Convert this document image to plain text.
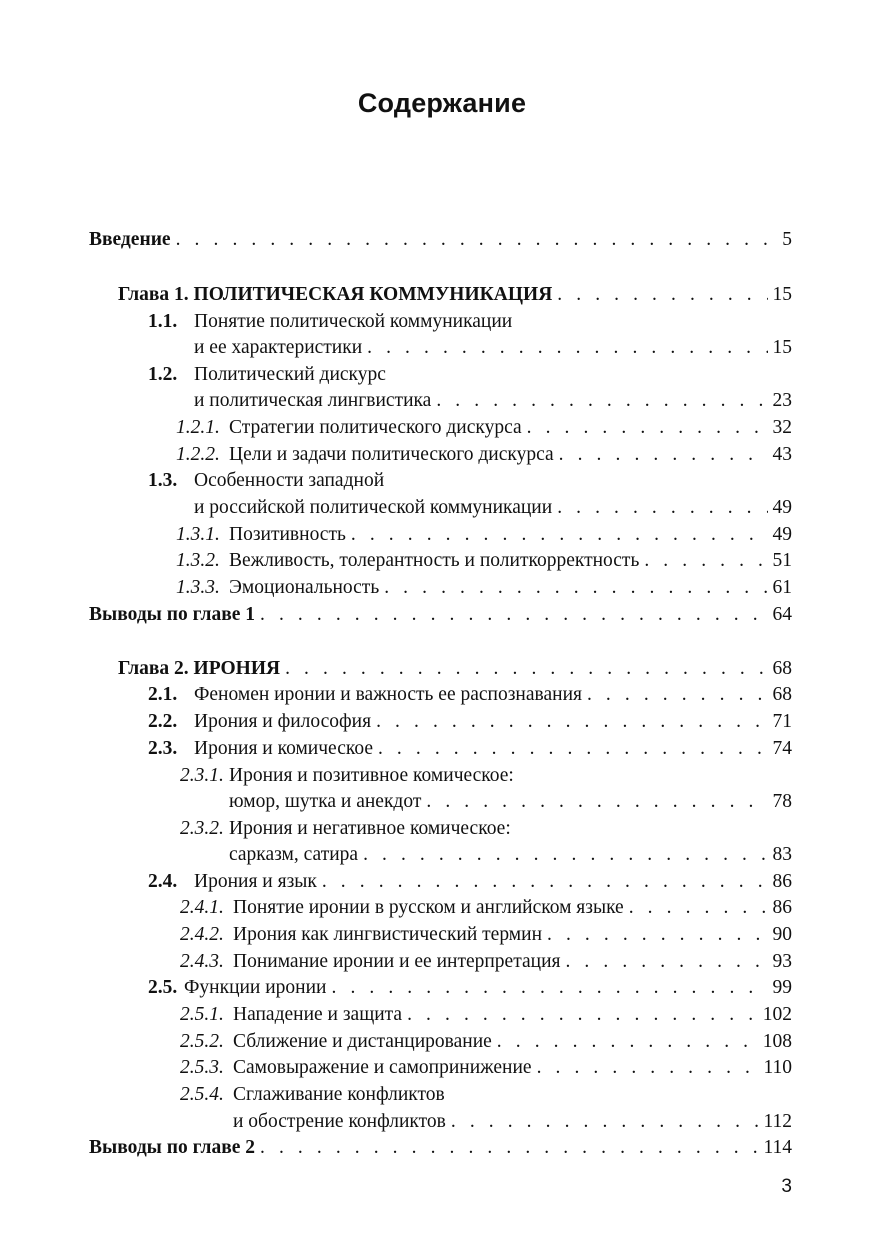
Содержание
Введение . . .	5
Глава 1. ПОЛИТИЧЕСКАЯ КОММУНИКАЦИЯ . . .	15
1.1. Понятие политической коммуникации
и ее характеристики . . .	15
1.2. Политический дискурс
и политическая лингвистика . . .	23
1.2.1. Стратегии политического дискурса . . .	32
1.2.2. Цели и задачи политического дискурса . . .	43
1.3. Особенности западной
и российской политической коммуникации . . .	49
1.3.1. Позитивность . . .	49
1.3.2. Вежливость, толерантность и политкорректность . . .	51
1.3.3. Эмоциональность . . .	61
Выводы по главе 1 . . .	64
Глава 2. ИРОНИЯ . . .	68
2.1. Феномен иронии и важность ее распознавания . . .	68
2.2. Ирония и философия . . .	71
2.3. Ирония и комическое . . .	74
2.3.1. Ирония и позитивное комическое:
юмор, шутка и анекдот . . .	78
2.3.2. Ирония и негативное комическое:
сарказм, сатира . . .	83
2.4. Ирония и язык . . .	86
2.4.1. Понятие иронии в русском и английском языке . . .	86
2.4.2. Ирония как лингвистический термин . . .	90
2.4.3. Понимание иронии и ее интерпретация . . .	93
2.5. Функции иронии . . .	99
2.5.1. Нападение и защита . . .	102
2.5.2. Сближение и дистанцирование . . .	108
2.5.3. Самовыражение и самопринижение . . .	110
2.5.4. Сглаживание конфликтов
и обострение конфликтов . . .	112
Выводы по главе 2 . . .	114
3
